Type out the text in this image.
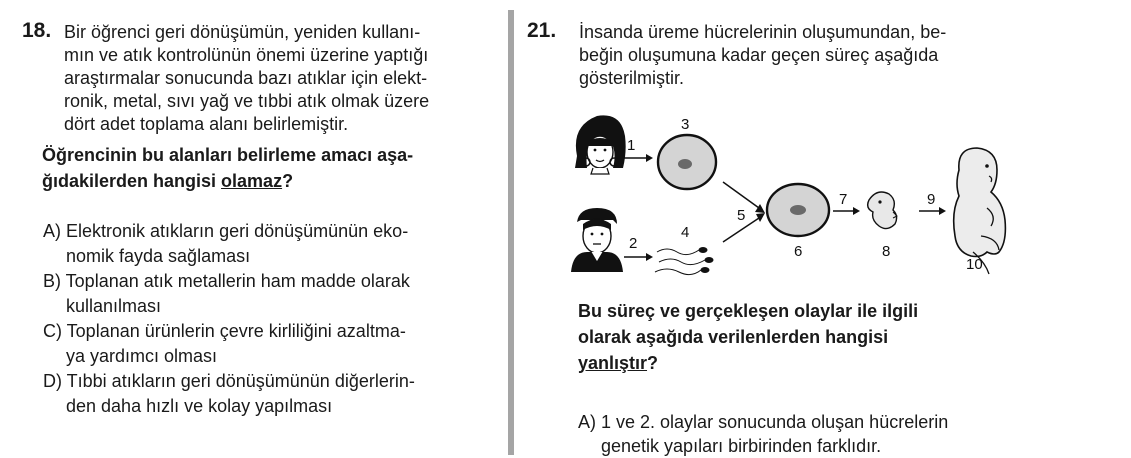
18. Bir öğrenci geri dönüşümün, yeniden kullanı-
mın ve atık kontrolünün önemi üzerine yaptığı
araştırmalar sonucunda bazı atıklar için elekt-
ronik, metal, sıvı yağ ve tıbbi atık olmak üzere
dört adet toplama alanı belirlemiştir.
Öğrencinin bu alanları belirleme amacı aşa-
ğıdakilerden hangisi olamaz?
A) Elektronik atıkların geri dönüşümünün eko-
nomik fayda sağlaması
B) Toplanan atık metallerin ham madde olarak
kullanılması
C) Toplanan ürünlerin çevre kirliliğini azaltma-
ya yardımcı olması
D) Tıbbi atıkların geri dönüşümünün diğerlerin-
den daha hızlı ve kolay yapılması
21. İnsanda üreme hücrelerinin oluşumundan, be-
beğin oluşumuna kadar geçen süreç aşağıda
gösterilmiştir.
1
3
2
4
5
6
7
8
9
10
Bu süreç ve gerçekleşen olaylar ile ilgili
olarak aşağıda verilenlerden hangisi
yanlıştır?
A) 1 ve 2. olaylar sonucunda oluşan hücrelerin
genetik yapıları birbirinden farklıdır.
